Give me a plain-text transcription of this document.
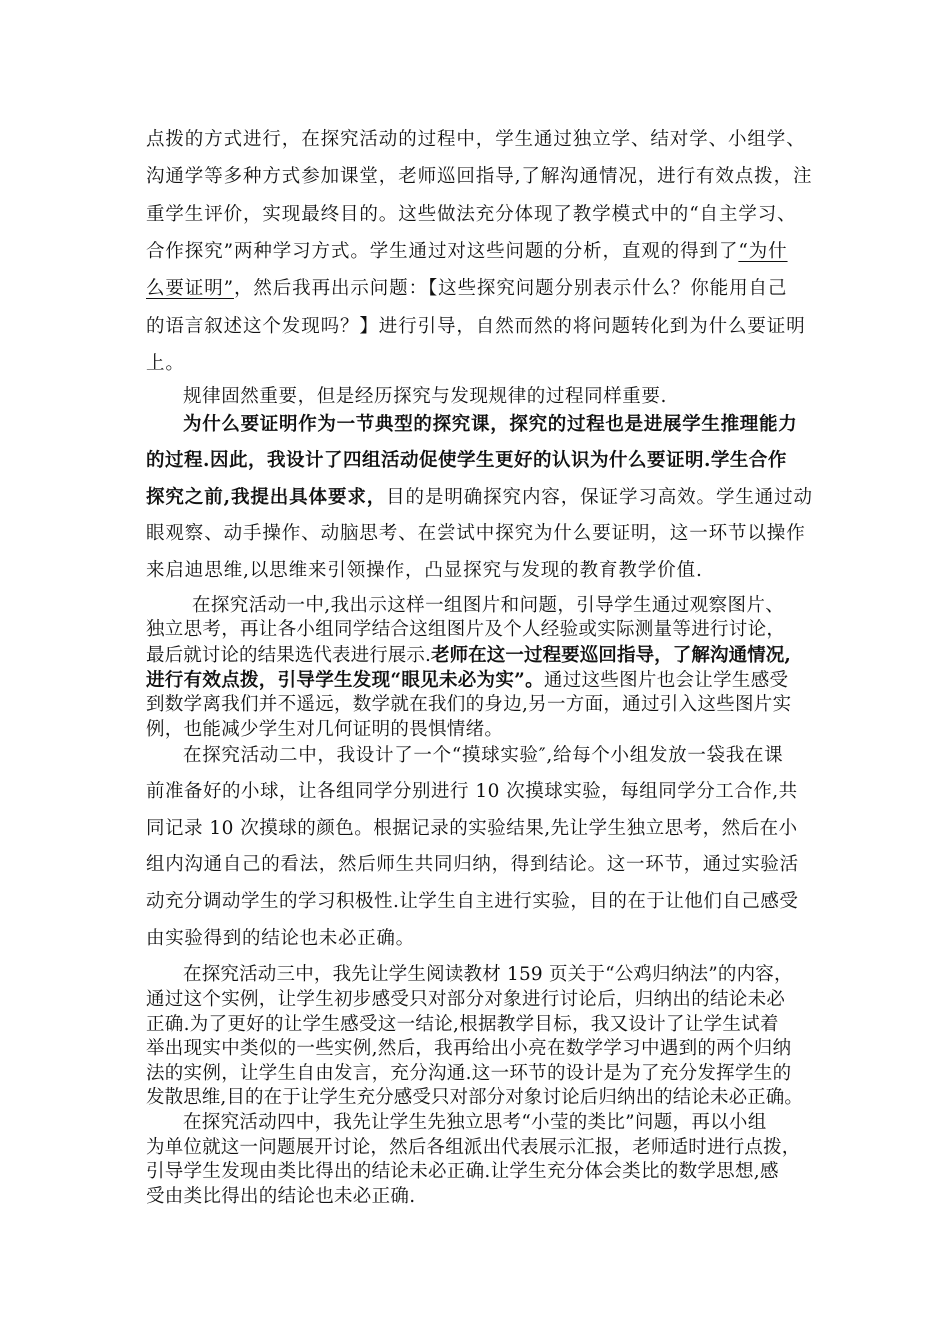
点拨的方式进行，在探究活动的过程中，学生通过独立学、结对学、小组学、
沟通学等多种方式参加课堂，老师巡回指导,了解沟通情况，进行有效点拨，注
重学生评价，实现最终目的。这些做法充分体现了教学模式中的“自主学习、
合作探究”两种学习方式。学生通过对这些问题的分析，直观的得到了“为什
么要证明”，然后我再出示问题：【这些探究问题分别表示什么？你能用自己
的语言叙述这个发现吗？】进行引导，自然而然的将问题转化到为什么要证明
上。
规律固然重要，但是经历探究与发现规律的过程同样重要.
为什么要证明作为一节典型的探究课，探究的过程也是进展学生推理能力
的过程.因此，我设计了四组活动促使学生更好的认识为什么要证明.学生合作
探究之前,我提出具体要求，目的是明确探究内容，保证学习高效。学生通过动
眼观察、动手操作、动脑思考、在尝试中探究为什么要证明，这一环节以操作
来启迪思维,以思维来引领操作，凸显探究与发现的教育教学价值.
在探究活动一中,我出示这样一组图片和问题，引导学生通过观察图片、
独立思考，再让各小组同学结合这组图片及个人经验或实际测量等进行讨论，
最后就讨论的结果选代表进行展示.老师在这一过程要巡回指导，了解沟通情况,
进行有效点拨，引导学生发现“眼见未必为实”。通过这些图片也会让学生感受
到数学离我们并不遥远，数学就在我们的身边,另一方面，通过引入这些图片实
例，也能减少学生对几何证明的畏惧情绪。
在探究活动二中，我设计了一个“摸球实验″,给每个小组发放一袋我在课
前准备好的小球，让各组同学分别进行 10 次摸球实验，每组同学分工合作,共
同记录 10 次摸球的颜色。根据记录的实验结果,先让学生独立思考，然后在小
组内沟通自己的看法，然后师生共同归纳，得到结论。这一环节，通过实验活
动充分调动学生的学习积极性.让学生自主进行实验，目的在于让他们自己感受
由实验得到的结论也未必正确。
在探究活动三中，我先让学生阅读教材 159 页关于“公鸡归纳法”的内容，
通过这个实例，让学生初步感受只对部分对象进行讨论后，归纳出的结论未必
正确.为了更好的让学生感受这一结论,根据教学目标，我又设计了让学生试着
举出现实中类似的一些实例,然后，我再给出小亮在数学学习中遇到的两个归纳
法的实例，让学生自由发言，充分沟通.这一环节的设计是为了充分发挥学生的
发散思维,目的在于让学生充分感受只对部分对象讨论后归纳出的结论未必正确。
在探究活动四中，我先让学生先独立思考“小莹的类比”问题，再以小组
为单位就这一问题展开讨论，然后各组派出代表展示汇报，老师适时进行点拨，
引导学生发现由类比得出的结论未必正确.让学生充分体会类比的数学思想,感
受由类比得出的结论也未必正确.
